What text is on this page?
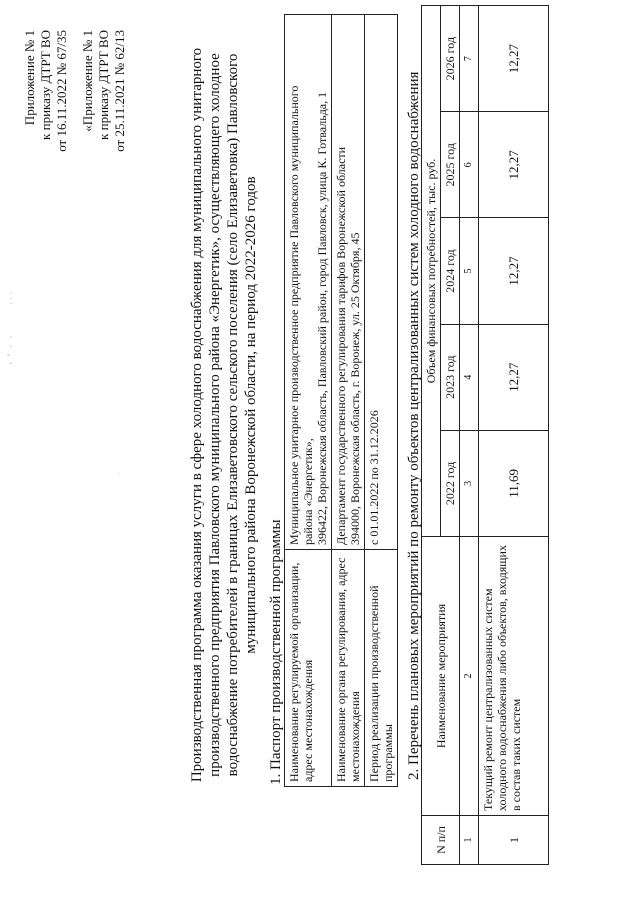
· ' · ·
· · ·
·

Приложение № 1 к приказу ДТРТ ВО от 16.11.2022 № 67/35 «Приложение № 1 к приказу ДТРТ ВО от 25.11.2021 № 62/13	Производственная программа оказания услуги в сфере холодного водоснабжения для муниципального унитарного производственного предприятия Павловского муниципального района «Энергетик», осуществляющего холодное водоснабжение потребителей в границах Елизаветовского сельского поселения (село Елизаветовка) Павловского муниципального района Воронежской области, на период 2022-2026 годов 1. Паспорт производственной программы Наименование регулируемой организации, адрес местонахождения	Муниципальное унитарное производственное предприятие Павловского муниципального района «Энергетик», 396422, Воронежская область, Павловский район, город Павловск, улица К. Готвальда, 1

Наименование органа регулирования, адрес местонахождения	Департамент государственного регулирования тарифов Воронежской области 394000, Воронежская область, г. Воронеж, ул. 25 Октября, 45

Период реализации производственной программы	с 01.01.2022 по 31.12.2026 2. Перечень плановых мероприятий по ремонту объектов централизованных систем холодного водоснабжения
N п/п	Наименование мероприятия	Объем финансовых потребностей, тыс. руб.				
		2022 год	2023 год	2024 год	2025 год	2026 год
1	2	3	4	5	6	7
1	Текущий ремонт централизованных систем холодного водоснабжения либо объектов, входящих в состав таких систем	11,69	12,27	12,27	12,27	12,27
